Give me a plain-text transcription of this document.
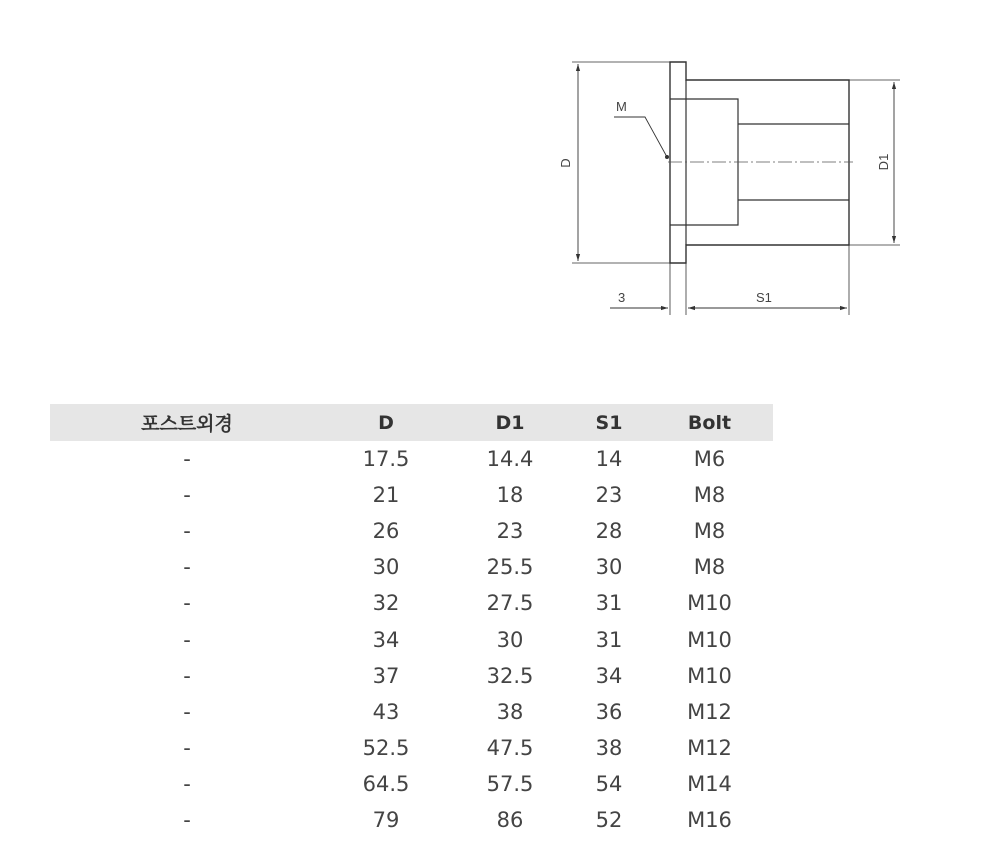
D	D1
M
3	S1
포스트외경	D	D1	S1	Bolt
-	17.5	14.4	14	M6
-	21	18	23	M8
-	26	23	28	M8
-	30	25.5	30	M8
-	32	27.5	31	M10
-	34	30	31	M10
-	37	32.5	34	M10
-	43	38	36	M12
-	52.5	47.5	38	M12
-	64.5	57.5	54	M14
-	79	86	52	M16
